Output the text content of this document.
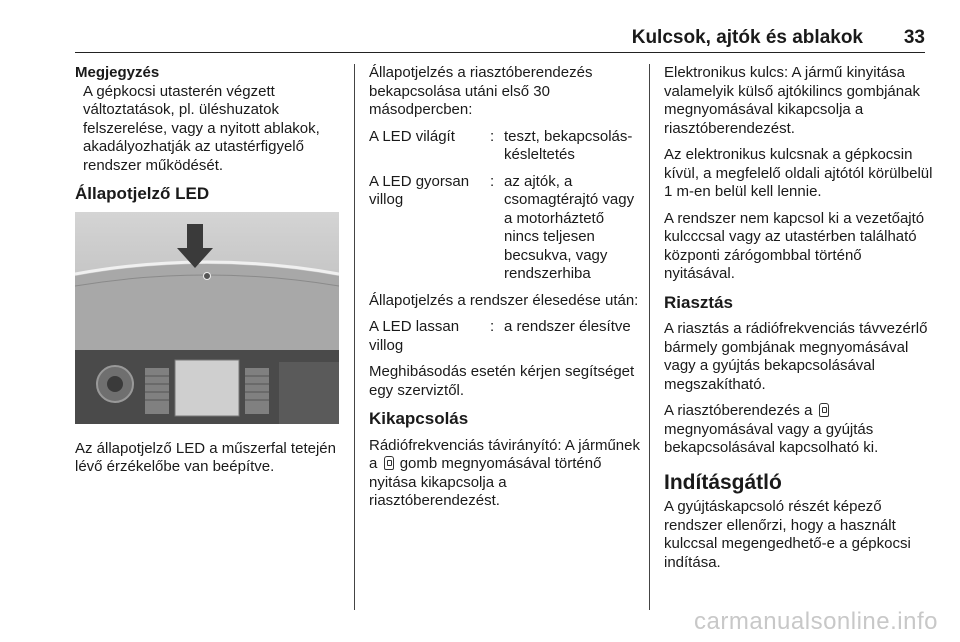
Kulcsok, ajtók és ablakok 33
Megjegyzés

A gépkocsi utasterén végzett változtatások, pl. üléshuzatok felszerelése, vagy a nyitott ablakok, akadályozhatják az utastérfigyelő rendszer működését.

Állapotjelző LED

Az állapotjelző LED a műszerfal tetején lévő érzékelőbe van beépítve.

Állapotjelzés a riasztóberendezés bekapcsolása utáni első 30 másodpercben:

A LED világít	: teszt, bekapcsolás-késleltetés
A LED gyorsan villog
: az ajtók, a csomagtérajtó vagy a motorháztető nincs teljesen becsukva, vagy rendszerhiba

Állapotjelzés a rendszer élesedése után:

A LED lassan villog
: a rendszer élesítve

Meghibásodás esetén kérjen segítséget egy szerviztől.

Kikapcsolás

Rádiófrekvenciás távirányító: A járműnek a gomb megnyomásával történő nyitása kikapcsolja a riasztóberendezést.

Elektronikus kulcs: A jármű kinyitása valamelyik külső ajtókilincs gombjának megnyomásával kikapcsolja a riasztóberendezést.

Az elektronikus kulcsnak a gépkocsin kívül, a megfelelő oldali ajtótól körülbelül 1 m-en belül kell lennie.

A rendszer nem kapcsol ki a vezetőajtó kulcccsal vagy az utastérben található központi zárógombbal történő nyitásával.

Riasztás

A riasztás a rádiófrekvenciás távvezérlő bármely gombjának megnyomásával vagy a gyújtás bekapcsolásával megszakítható.

A riasztóberendezés a  megnyomásával vagy a gyújtás bekapcsolásával kapcsolható ki.

Indításgátló

A gyújtáskapcsoló részét képező rendszer ellenőrzi, hogy a használt kulccsal megengedhető-e a gépkocsi indítása.

carmanualsonline.info
